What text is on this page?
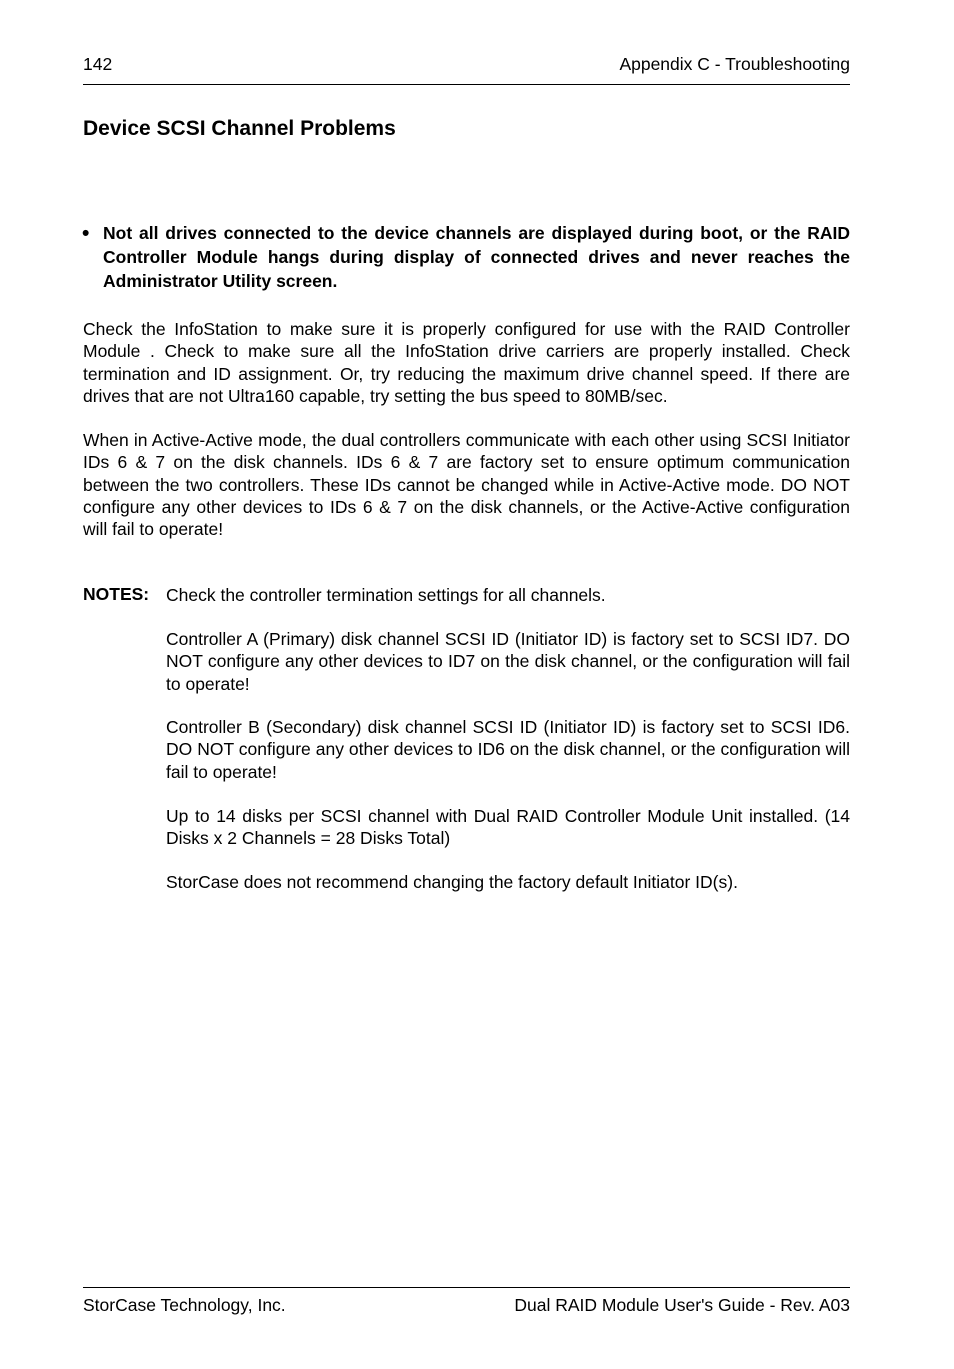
142	Appendix C - Troubleshooting
Device SCSI Channel Problems
• Not all drives connected to the device channels are displayed during boot, or the RAID Controller Module hangs during display of connected drives and never reaches the Administrator Utility screen.
Check the InfoStation to make sure it is properly configured for use with the RAID Controller Module . Check to make sure all the InfoStation drive carriers are properly installed. Check termination and ID assignment. Or, try reducing the maximum drive channel speed. If there are drives that are not Ultra160 capable, try setting the bus speed to 80MB/sec.
When in Active-Active mode, the dual controllers communicate with each other using SCSI Initiator IDs 6 & 7 on the disk channels. IDs 6 & 7 are factory set to ensure optimum communication between the two controllers. These IDs cannot be changed while in Active-Active mode. DO NOT configure any other devices to IDs 6 & 7 on the disk channels, or the Active-Active configuration will fail to operate!
NOTES: Check the controller termination settings for all channels.
Controller A (Primary) disk channel SCSI ID (Initiator ID) is factory set to SCSI ID7. DO NOT configure any other devices to ID7 on the disk channel, or the configuration will fail to operate!
Controller B (Secondary) disk channel SCSI ID (Initiator ID) is factory set to SCSI ID6. DO NOT configure any other devices to ID6 on the disk channel, or the configuration will fail to operate!
Up to 14 disks per SCSI channel with Dual RAID Controller Module Unit installed. (14 Disks x 2 Channels = 28 Disks Total)
StorCase does not recommend changing the factory default Initiator ID(s).
StorCase Technology, Inc.	Dual RAID Module User's Guide - Rev. A03
